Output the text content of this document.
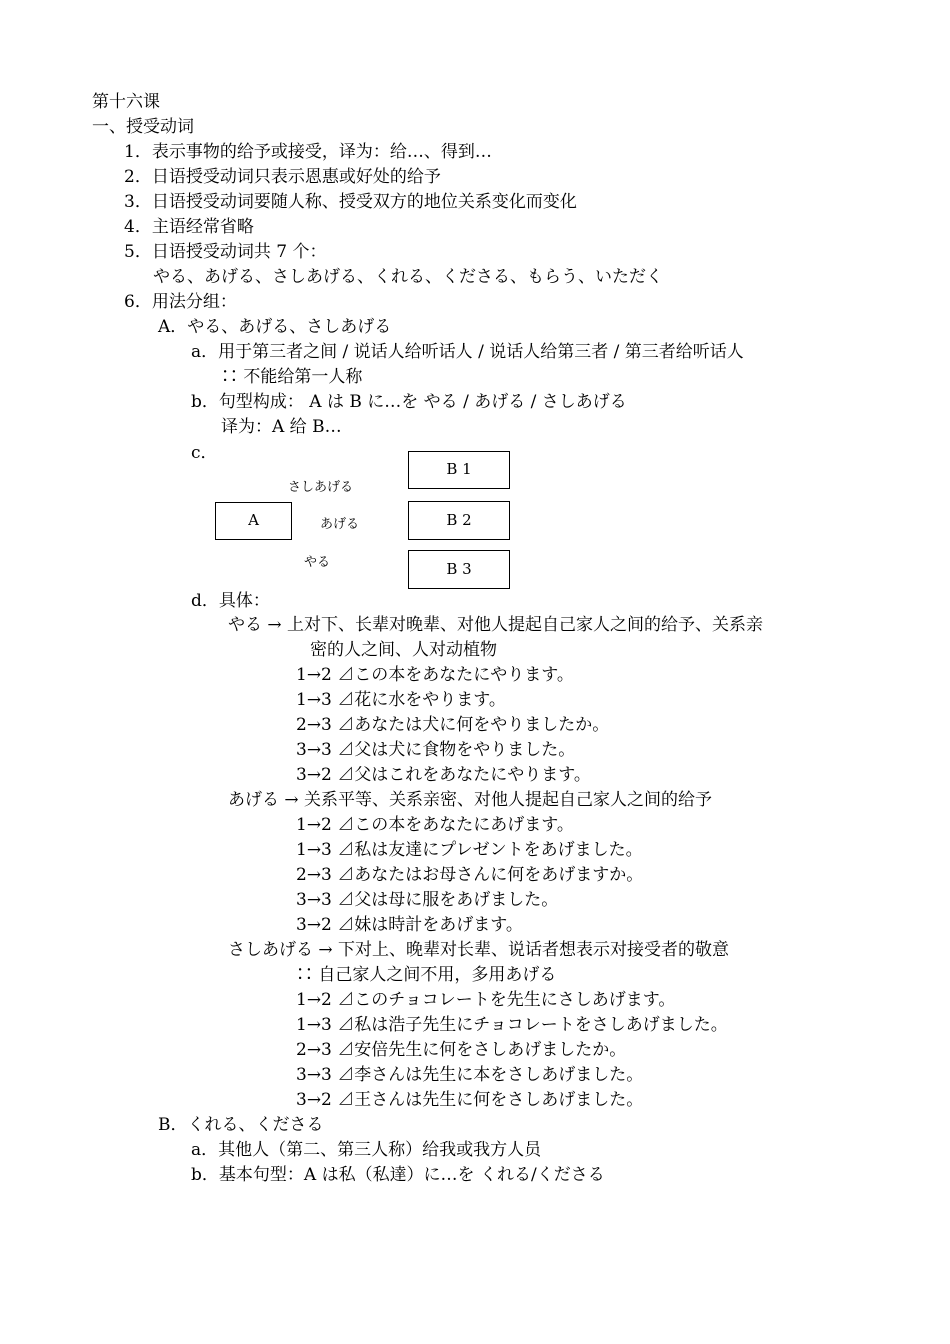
第十六课
一、授受动词
1．表示事物的给予或接受，译为：给…、得到…
2．日语授受动词只表示恩惠或好处的给予
3．日语授受动词要随人称、授受双方的地位关系变化而变化
4．主语经常省略
5．日语授受动词共 7 个：
やる、あげる、さしあげる、くれる、くださる、もらう、いただく
6．用法分组：
A．やる、あげる、さしあげる
a．用于第三者之间 / 说话人给听话人 / 说话人给第三者 / 第三者给听话人
∷ 不能给第一人称
b．句型构成： A は B に…を やる / あげる / さしあげる
译为：A 给 B…
c．
A
B 1
B 2
B 3
さしあげる
あげる
やる
d．具体：
やる → 上对下、长辈对晚辈、对他人提起自己家人之间的给予、关系亲
密的人之间、人对动植物
1→2 ⊿この本をあなたにやります。
1→3 ⊿花に水をやります。
2→3 ⊿あなたは犬に何をやりましたか。
3→3 ⊿父は犬に食物をやりました。
3→2 ⊿父はこれをあなたにやります。
あげる → 关系平等、关系亲密、对他人提起自己家人之间的给予
1→2 ⊿この本をあなたにあげます。
1→3 ⊿私は友達にプレゼントをあげました。
2→3 ⊿あなたはお母さんに何をあげますか。
3→3 ⊿父は母に服をあげました。
3→2 ⊿妹は時計をあげます。
さしあげる → 下对上、晚辈对长辈、说话者想表示对接受者的敬意
∷ 自己家人之间不用，多用あげる
1→2 ⊿このチョコレートを先生にさしあげます。
1→3 ⊿私は浩子先生にチョコレートをさしあげました。
2→3 ⊿安倍先生に何をさしあげましたか。
3→3 ⊿李さんは先生に本をさしあげました。
3→2 ⊿王さんは先生に何をさしあげました。
B．くれる、くださる
a．其他人（第二、第三人称）给我或我方人员
b．基本句型：A は私（私達）に…を くれる/くださる
